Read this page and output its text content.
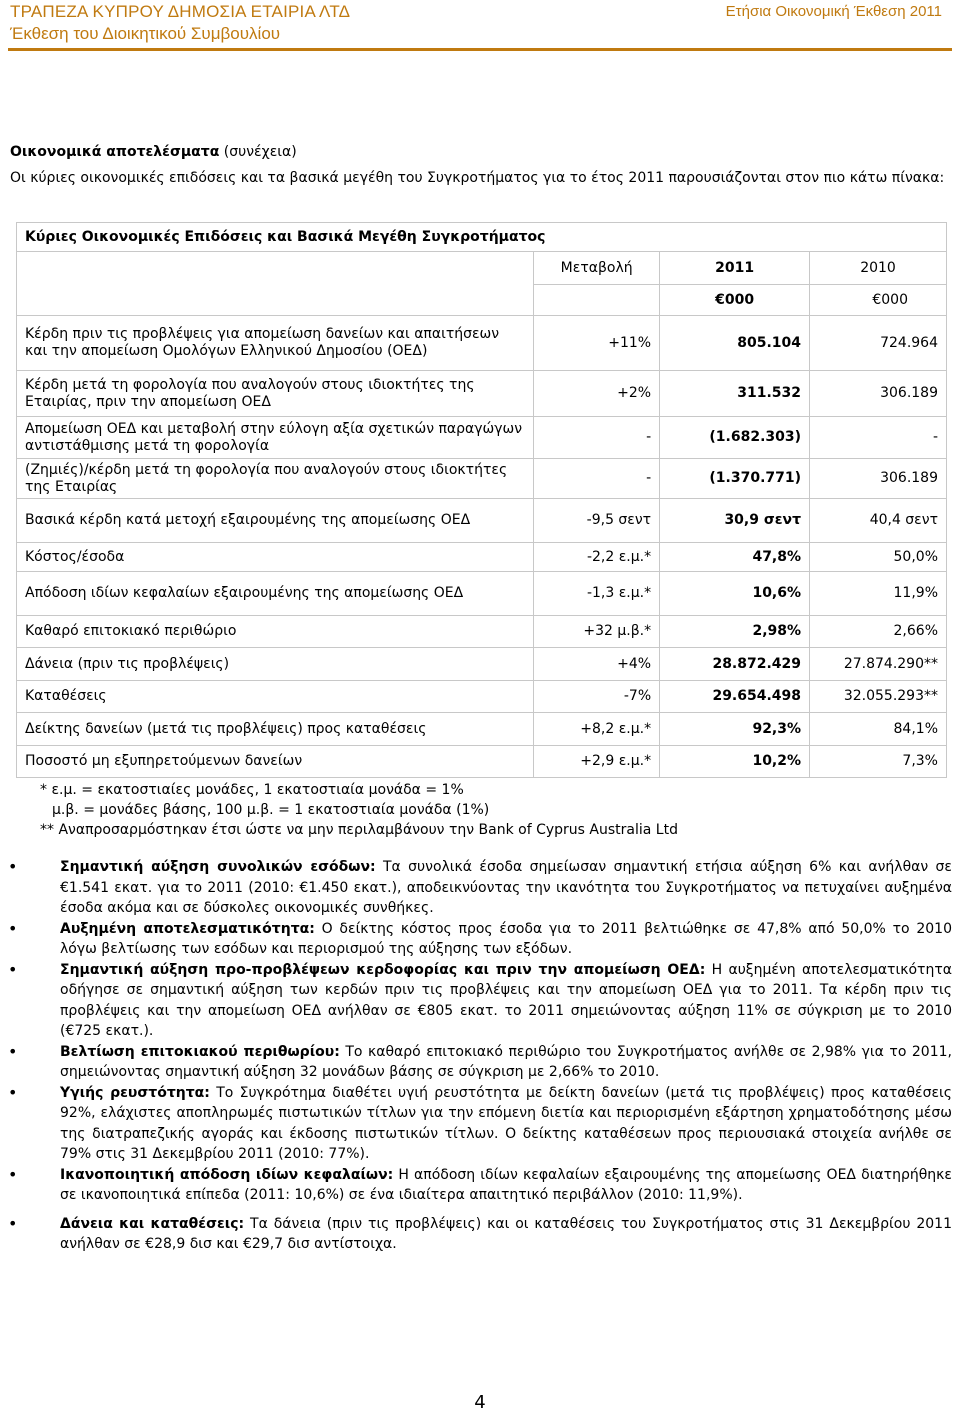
ΤΡΑΠΕΖΑ ΚΥΠΡΟΥ ΔΗΜΟΣΙΑ ΕΤΑΙΡΙΑ ΛΤΔ
Έκθεση του Διοικητικού Συμβουλίου
Ετήσια Οικονομική Έκθεση 2011
Οικονομικά αποτελέσματα (συνέχεια)
Οι κύριες οικονομικές επιδόσεις και τα βασικά μεγέθη του Συγκροτήματος για το έτος 2011 παρουσιάζονται στον πιο κάτω πίνακα:
Κύριες Οικονομικές Επιδόσεις και Βασικά Μεγέθη Συγκροτήματος			
	Μεταβολή	2011	2010
		€000	€000
Κέρδη πριν τις προβλέψεις για απομείωση δανείων και απαιτήσεων και την απομείωση Ομολόγων Ελληνικού Δημοσίου (ΟΕΔ)	+11%	805.104	724.964
Κέρδη μετά τη φορολογία που αναλογούν στους ιδιοκτήτες της Εταιρίας, πριν την απομείωση ΟΕΔ	+2%	311.532	306.189
Απομείωση ΟΕΔ και μεταβολή στην εύλογη αξία σχετικών παραγώγων αντιστάθμισης μετά τη φορολογία	-	(1.682.303)	-
(Ζημιές)/κέρδη μετά τη φορολογία που αναλογούν στους ιδιοκτήτες της Εταιρίας	-	(1.370.771)	306.189
Βασικά κέρδη κατά μετοχή εξαιρουμένης της απομείωσης ΟΕΔ	-9,5 σεντ	30,9 σεντ	40,4 σεντ
Κόστος/έσοδα	-2,2 ε.μ.*	47,8%	50,0%
Απόδοση ιδίων κεφαλαίων εξαιρουμένης της απομείωσης ΟΕΔ	-1,3 ε.μ.*	10,6%	11,9%
Καθαρό επιτοκιακό περιθώριο	+32 μ.β.*	2,98%	2,66%
Δάνεια (πριν τις προβλέψεις)	+4%	28.872.429	27.874.290**
Καταθέσεις	-7%	29.654.498	32.055.293**
Δείκτης δανείων (μετά τις προβλέψεις) προς καταθέσεις	+8,2 ε.μ.*	92,3%	84,1%
Ποσοστό μη εξυπηρετούμενων δανείων	+2,9 ε.μ.*	10,2%	7,3%
* ε.μ. = εκατοστιαίες μονάδες, 1 εκατοστιαία μονάδα = 1%
μ.β. = μονάδες βάσης, 100 μ.β. = 1 εκατοστιαία μονάδα (1%)
** Αναπροσαρμόστηκαν έτσι ώστε να μην περιλαμβάνουν την Bank of Cyprus Australia Ltd
• Σημαντική αύξηση συνολικών εσόδων: Τα συνολικά έσοδα σημείωσαν σημαντική ετήσια αύξηση 6% και ανήλθαν σε €1.541 εκατ. για το 2011 (2010: €1.450 εκατ.), αποδεικνύοντας την ικανότητα του Συγκροτήματος να πετυχαίνει αυξημένα έσοδα ακόμα και σε δύσκολες οικονομικές συνθήκες.
• Αυξημένη αποτελεσματικότητα: Ο δείκτης κόστος προς έσοδα για το 2011 βελτιώθηκε σε 47,8% από 50,0% το 2010 λόγω βελτίωσης των εσόδων και περιορισμού της αύξησης των εξόδων.
• Σημαντική αύξηση προ-προβλέψεων κερδοφορίας και πριν την απομείωση ΟΕΔ: Η αυξημένη αποτελεσματικότητα οδήγησε σε σημαντική αύξηση των κερδών πριν τις προβλέψεις και την απομείωση ΟΕΔ για το 2011. Τα κέρδη πριν τις προβλέψεις και την απομείωση ΟΕΔ ανήλθαν σε €805 εκατ. το 2011 σημειώνοντας αύξηση 11% σε σύγκριση με το 2010 (€725 εκατ.).
• Βελτίωση επιτοκιακού περιθωρίου: Το καθαρό επιτοκιακό περιθώριο του Συγκροτήματος ανήλθε σε 2,98% για το 2011, σημειώνοντας σημαντική αύξηση 32 μονάδων βάσης σε σύγκριση με 2,66% το 2010.
• Υγιής ρευστότητα: Το Συγκρότημα διαθέτει υγιή ρευστότητα με δείκτη δανείων (μετά τις προβλέψεις) προς καταθέσεις 92%, ελάχιστες αποπληρωμές πιστωτικών τίτλων για την επόμενη διετία και περιορισμένη εξάρτηση χρηματοδότησης μέσω της διατραπεζικής αγοράς και έκδοσης πιστωτικών τίτλων. Ο δείκτης καταθέσεων προς περιουσιακά στοιχεία ανήλθε σε 79% στις 31 Δεκεμβρίου 2011 (2010: 77%).
• Ικανοποιητική απόδοση ιδίων κεφαλαίων: Η απόδοση ιδίων κεφαλαίων εξαιρουμένης της απομείωσης ΟΕΔ διατηρήθηκε σε ικανοποιητικά επίπεδα (2011: 10,6%) σε ένα ιδιαίτερα απαιτητικό περιβάλλον (2010: 11,9%).
• Δάνεια και καταθέσεις: Τα δάνεια (πριν τις προβλέψεις) και οι καταθέσεις του Συγκροτήματος στις 31 Δεκεμβρίου 2011 ανήλθαν σε €28,9 δισ και €29,7 δισ αντίστοιχα.
4
